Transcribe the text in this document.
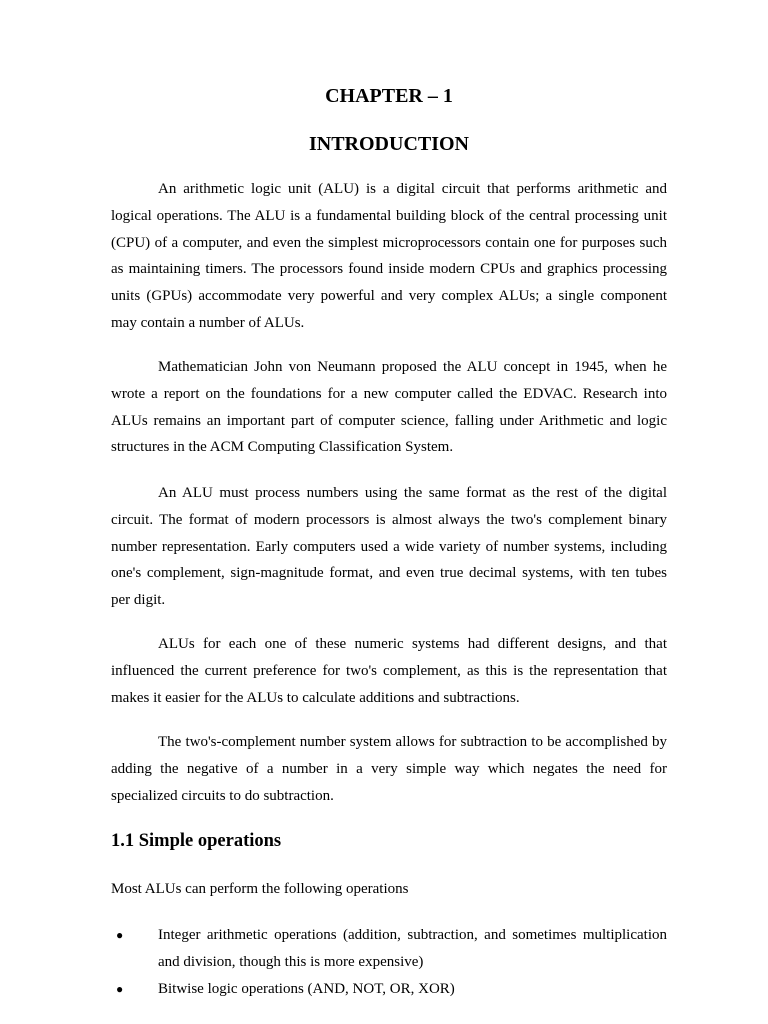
CHAPTER – 1
INTRODUCTION

An arithmetic logic unit (ALU) is a digital circuit that performs arithmetic and logical operations. The ALU is a fundamental building block of the central processing unit (CPU) of a computer, and even the simplest microprocessors contain one for purposes such as maintaining timers. The processors found inside modern CPUs and graphics processing units (GPUs) accommodate very powerful and very complex ALUs; a single component may contain a number of ALUs.

Mathematician John von Neumann proposed the ALU concept in 1945, when he wrote a report on the foundations for a new computer called the EDVAC. Research into ALUs remains an important part of computer science, falling under Arithmetic and logic structures in the ACM Computing Classification System.

An ALU must process numbers using the same format as the rest of the digital circuit. The format of modern processors is almost always the two's complement binary number representation. Early computers used a wide variety of number systems, including one's complement, sign-magnitude format, and even true decimal systems, with ten tubes per digit.

ALUs for each one of these numeric systems had different designs, and that influenced the current preference for two's complement, as this is the representation that makes it easier for the ALUs to calculate additions and subtractions.

The two's-complement number system allows for subtraction to be accomplished by adding the negative of a number in a very simple way which negates the need for specialized circuits to do subtraction.

1.1 Simple operations

Most ALUs can perform the following operations

● Integer arithmetic operations (addition, subtraction, and sometimes multiplication and division, though this is more expensive)
● Bitwise logic operations (AND, NOT, OR, XOR)
